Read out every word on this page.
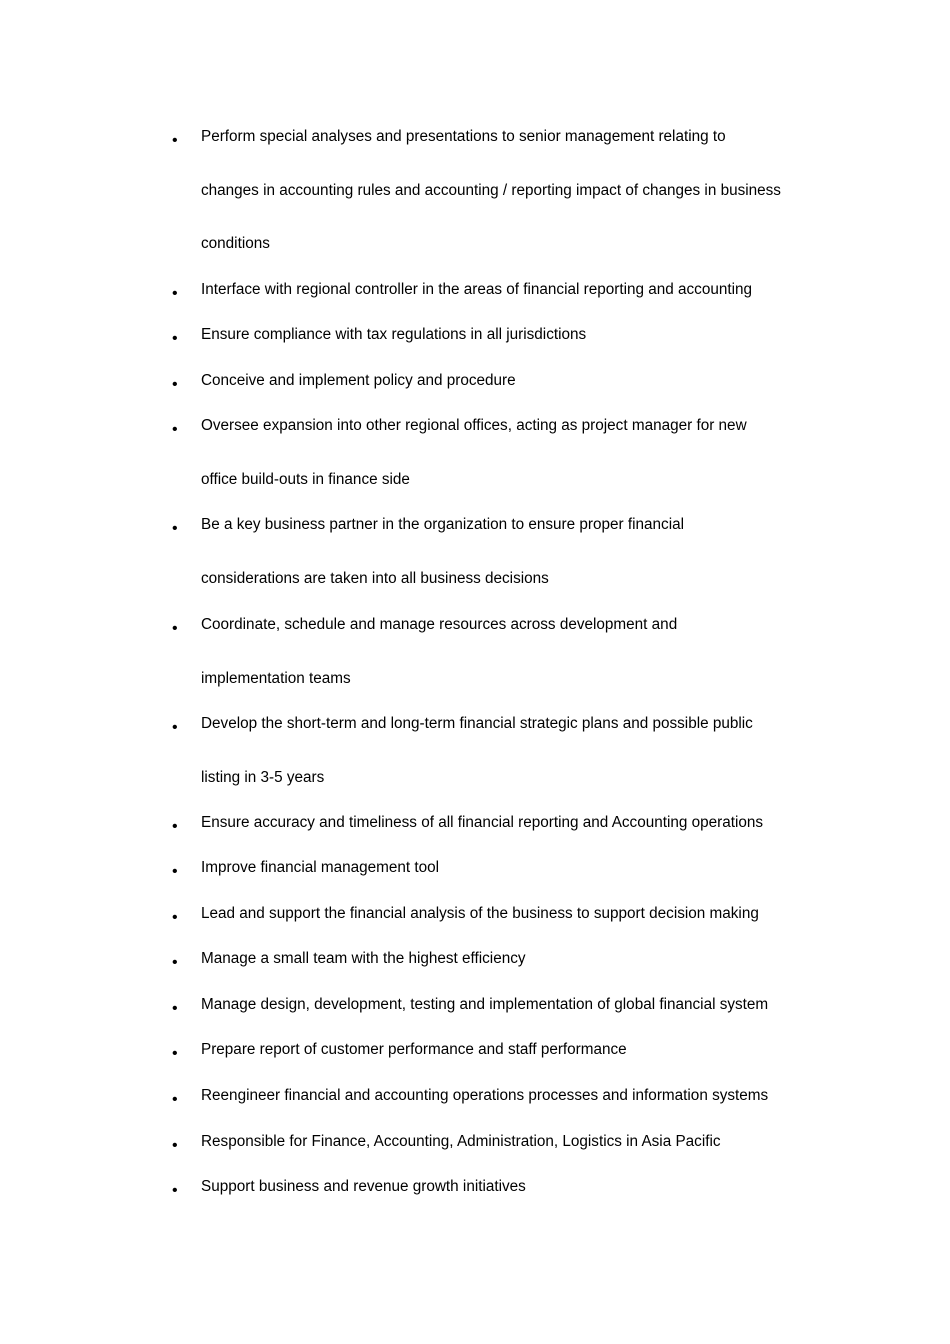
•
Perform special analyses and presentations to senior management relating to
changes in accounting rules and accounting / reporting impact of changes in business
conditions
•
Interface with regional controller in the areas of financial reporting and accounting
•
Ensure compliance with tax regulations in all jurisdictions
•
Conceive and implement policy and procedure
•
Oversee expansion into other regional offices, acting as project manager for new
office build-outs in finance side
•
Be a key business partner in the organization to ensure proper financial
considerations are taken into all business decisions
•
Coordinate, schedule and manage resources across development and
implementation teams
•
Develop the short-term and long-term financial strategic plans and possible public
listing in 3-5 years
•
Ensure accuracy and timeliness of all financial reporting and Accounting operations
•
Improve financial management tool
•
Lead and support the financial analysis of the business to support decision making
•
Manage a small team with the highest efficiency
•
Manage design, development, testing and implementation of global financial system
•
Prepare report of customer performance and staff performance
•
Reengineer financial and accounting operations processes and information systems
•
Responsible for Finance, Accounting, Administration, Logistics in Asia Pacific
•
Support business and revenue growth initiatives
